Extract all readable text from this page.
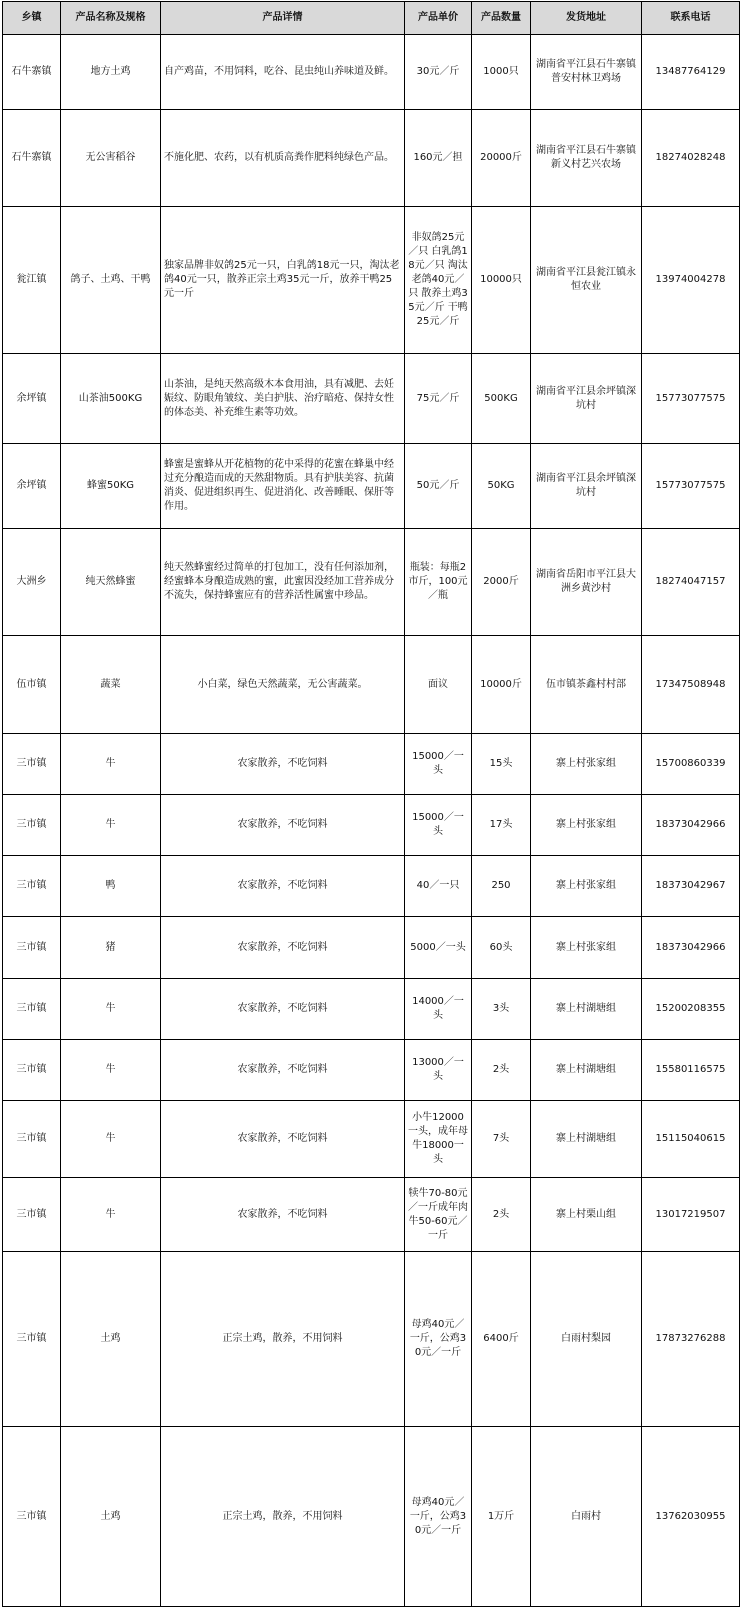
乡镇	产品名称及规格	产品详情	产品单价	产品数量	发货地址	联系电话
石牛寨镇	地方土鸡	自产鸡苗，不用饲料，吃谷、昆虫纯山养味道及鲜。	30元／斤	1000只	湖南省平江县石牛寨镇普安村林卫鸡场	13487764129
石牛寨镇	无公害稻谷	不施化肥、农药，以有机质高粪作肥料纯绿色产品。	160元／担	20000斤	湖南省平江县石牛寨镇新义村艺兴农场	18274028248
瓮江镇	鸽子、土鸡、干鸭	独家品牌非奴鸽25元一只，白乳鸽18元一只，淘汰老鸽40元一只，散养正宗土鸡35元一斤，放养干鸭25元一斤	非奴鸽25元／只 白乳鸽18元／只 淘汰老鸽40元／只 散养土鸡35元／斤 干鸭25元／斤	10000只	湖南省平江县瓮江镇永恒农业	13974004278
余坪镇	山茶油500KG	山茶油，是纯天然高级木本食用油，具有减肥、去妊娠纹、防眼角皱纹、美白护肤、治疗暗疮、保持女性的体态美、补充维生素等功效。	75元／斤	500KG	湖南省平江县余坪镇深坑村	15773077575
余坪镇	蜂蜜50KG	蜂蜜是蜜蜂从开花植物的花中采得的花蜜在蜂巢中经过充分酿造而成的天然甜物质。具有护肤美容、抗菌消炎、促进组织再生、促进消化、改善睡眠、保肝等作用。	50元／斤	50KG	湖南省平江县余坪镇深坑村	15773077575
大洲乡	纯天然蜂蜜	纯天然蜂蜜经过简单的打包加工，没有任何添加剂，经蜜蜂本身酿造成熟的蜜，此蜜因没经加工营养成分不流失，保持蜂蜜应有的营养活性属蜜中珍品。	瓶装：每瓶2市斤，100元／瓶	2000斤	湖南省岳阳市平江县大洲乡黄沙村	18274047157
伍市镇	蔬菜	小白菜，绿色天然蔬菜，无公害蔬菜。	面议	10000斤	伍市镇茶鑫村村部	17347508948
三市镇	牛	农家散养，不吃饲料	15000／一头	15头	寨上村张家组	15700860339
三市镇	牛	农家散养，不吃饲料	15000／一头	17头	寨上村张家组	18373042966
三市镇	鸭	农家散养，不吃饲料	40／一只	250	寨上村张家组	18373042967
三市镇	猪	农家散养，不吃饲料	5000／一头	60头	寨上村张家组	18373042966
三市镇	牛	农家散养，不吃饲料	14000／一头	3头	寨上村湖塘组	15200208355
三市镇	牛	农家散养，不吃饲料	13000／一头	2头	寨上村湖塘组	15580116575
三市镇	牛	农家散养，不吃饲料	小牛12000一头，成年母牛18000一头	7头	寨上村湖塘组	15115040615
三市镇	牛	农家散养，不吃饲料	犊牛70-80元／一斤成年肉牛50-60元／一斤	2头	寨上村栗山组	13017219507
三市镇	土鸡	正宗土鸡，散养，不用饲料	母鸡40元／一斤，公鸡30元／一斤	6400斤	白雨村梨园	17873276288
三市镇	土鸡	正宗土鸡，散养，不用饲料	母鸡40元／一斤，公鸡30元／一斤	1万斤	白雨村	13762030955
